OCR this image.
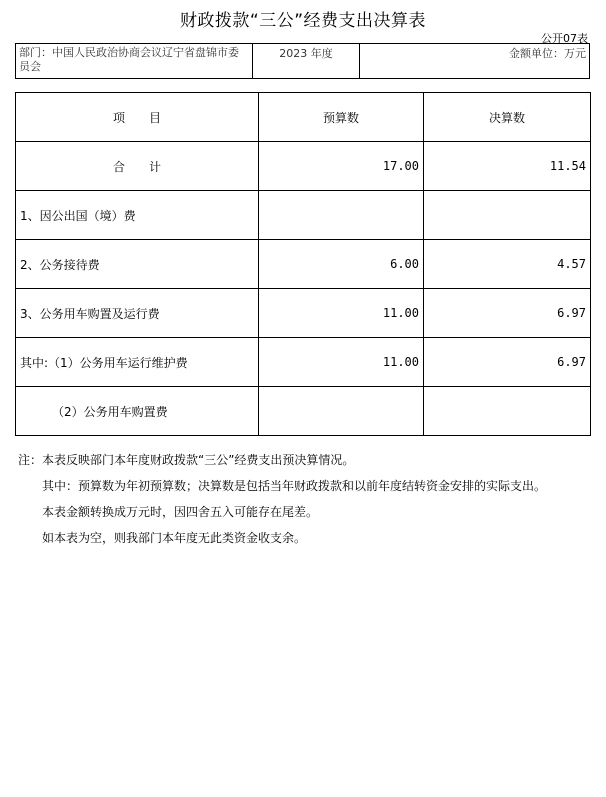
财政拨款“三公”经费支出决算表
公开07表
部门：中国人民政治协商会议辽宁省盘锦市委员会	2023 年度	金额单位：万元
项　　目	预算数	决算数
合　　计	17.00	11.54
1、因公出国（境）费		
2、公务接待费	6.00	4.57
3、公务用车购置及运行费	11.00	6.97
其中:（1）公务用车运行维护费	11.00	6.97
（2）公务用车购置费		
注：本表反映部门本年度财政拨款“三公”经费支出预决算情况。
其中：预算数为年初预算数；决算数是包括当年财政拨款和以前年度结转资金安排的实际支出。
本表金额转换成万元时，因四舍五入可能存在尾差。
如本表为空，则我部门本年度无此类资金收支余。
